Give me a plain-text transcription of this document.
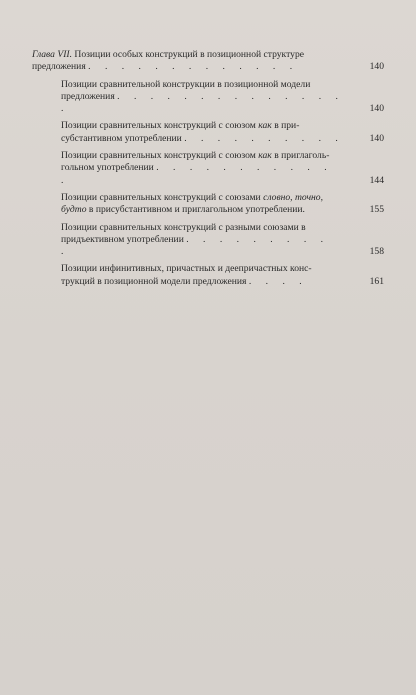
Глава VII. Позиции особых конструкций в позиционной структуре
предложения . . . . . . . . . . . . .	140
Позиции сравнительной конструкции в позиционной модели
предложения . . . . . . . . . . . . . . .	140
Позиции сравнительных конструкций с союзом как в при-
субстантивном употреблении . . . . . . . . . .	140
Позиции сравнительных конструкций с союзом как в приглаголь-
гольном употреблении . . . . . . . . . . . .	144
Позиции сравнительных конструкций с союзами словно, точно,
будто в присубстантивном и приглагольном употреблении.	155
Позиции сравнительных конструкций с разными союзами в
придъективном употреблении . . . . . . . . . .	158
Позиции инфинитивных, причастных и деепричастных конс-
трукций в позиционной модели предложения . . . .	161
